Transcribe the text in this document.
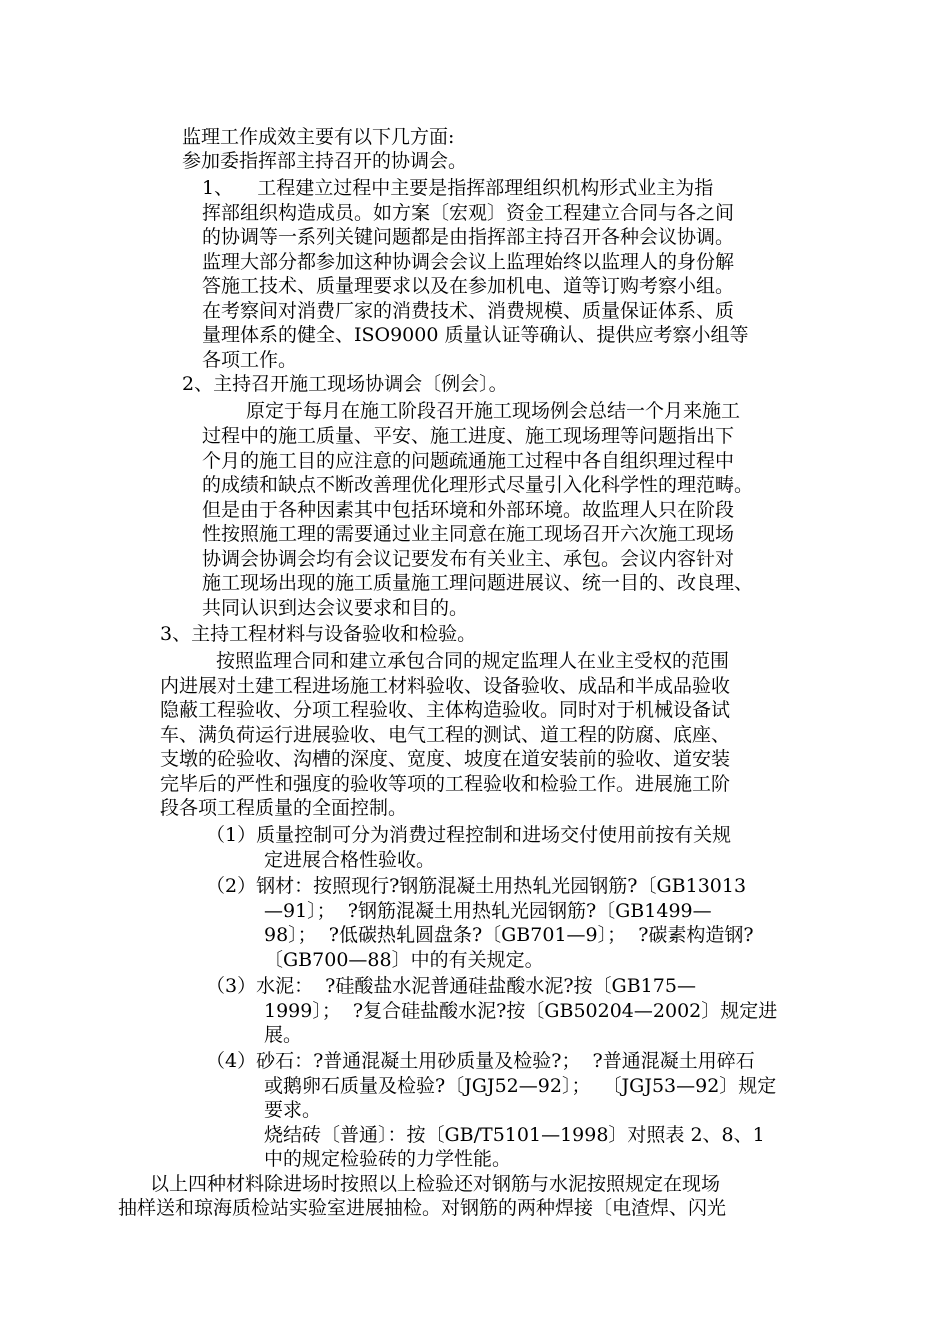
监理工作成效主要有以下几方面:
参加委指挥部主持召开的协调会。
1、    工程建立过程中主要是指挥部理组织机构形式业主为指
挥部组织构造成员。如方案〔宏观〕资金工程建立合同与各之间
的协调等一系列关键问题都是由指挥部主持召开各种会议协调。
监理大部分都参加这种协调会会议上监理始终以监理人的身份解
答施工技术、质量理要求以及在参加机电、道等订购考察小组。
在考察间对消费厂家的消费技术、消费规模、质量保证体系、质
量理体系的健全、ISO9000 质量认证等确认、提供应考察小组等
各项工作。
2、主持召开施工现场协调会〔例会〕。
原定于每月在施工阶段召开施工现场例会总结一个月来施工
过程中的施工质量、平安、施工进度、施工现场理等问题指出下
个月的施工目的应注意的问题疏通施工过程中各自组织理过程中
的成绩和缺点不断改善理优化理形式尽量引入化科学性的理范畴。
但是由于各种因素其中包括环境和外部环境。故监理人只在阶段
性按照施工理的需要通过业主同意在施工现场召开六次施工现场
协调会协调会均有会议记要发布有关业主、承包。会议内容针对
施工现场出现的施工质量施工理问题进展议、统一目的、改良理、
共同认识到达会议要求和目的。
3、主持工程材料与设备验收和检验。
按照监理合同和建立承包合同的规定监理人在业主受权的范围
内进展对土建工程进场施工材料验收、设备验收、成品和半成品验收
隐蔽工程验收、分项工程验收、主体构造验收。同时对于机械设备试
车、满负荷运行进展验收、电气工程的测试、道工程的防腐、底座、
支墩的砼验收、沟槽的深度、宽度、坡度在道安装前的验收、道安装
完毕后的严性和强度的验收等项的工程验收和检验工作。进展施工阶
段各项工程质量的全面控制。
（1）质量控制可分为消费过程控制和进场交付使用前按有关规
定进展合格性验收。
（2）钢材：按照现行?钢筋混凝土用热轧光园钢筋?〔GB13013
—91〕；  ?钢筋混凝土用热轧光园钢筋?〔GB1499—
98〕；  ?低碳热轧圆盘条?〔GB701—9〕；  ?碳素构造钢?
〔GB700—88〕中的有关规定。
（3）水泥：  ?硅酸盐水泥普通硅盐酸水泥?按〔GB175—
1999〕；  ?复合硅盐酸水泥?按〔GB50204—2002〕规定进
展。
（4）砂石：?普通混凝土用砂质量及检验?；  ?普通混凝土用碎石
或鹅卵石质量及检验?〔JGJ52—92〕；  〔JGJ53—92〕规定
要求。
烧结砖〔普通〕：按〔GB/T5101—1998〕对照表 2、8、1
中的规定检验砖的力学性能。
以上四种材料除进场时按照以上检验还对钢筋与水泥按照规定在现场
抽样送和琼海质检站实验室进展抽检。对钢筋的两种焊接〔电渣焊、闪光
